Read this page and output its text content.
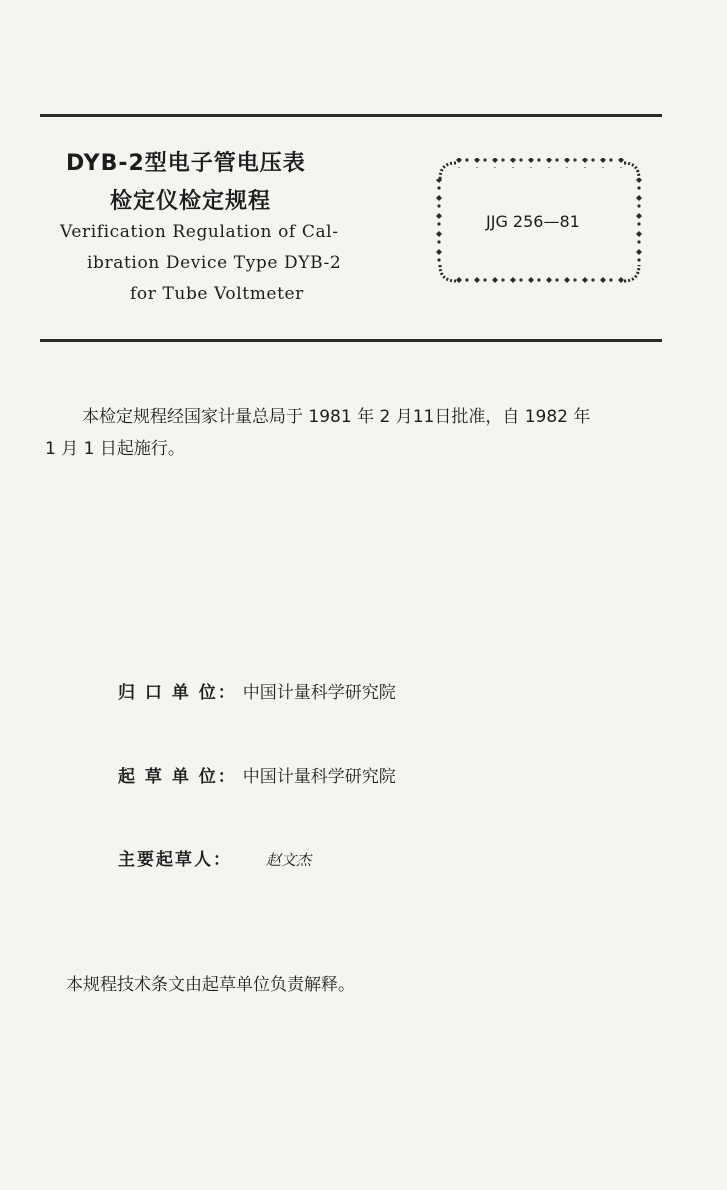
DYB-2型电子管电压表
检定仪检定规程
Verification Regulation of Cal-
ibration Device Type DYB-2
for Tube Voltmeter
JJG 256—81
本检定规程经国家计量总局于 1981 年 2 月11日批准，自 1982 年
1 月 1 日起施行。
归 口 单 位： 中国计量科学研究院
起 草 单 位： 中国计量科学研究院
主要起草人： 赵文杰
本规程技术条文由起草单位负责解释。
